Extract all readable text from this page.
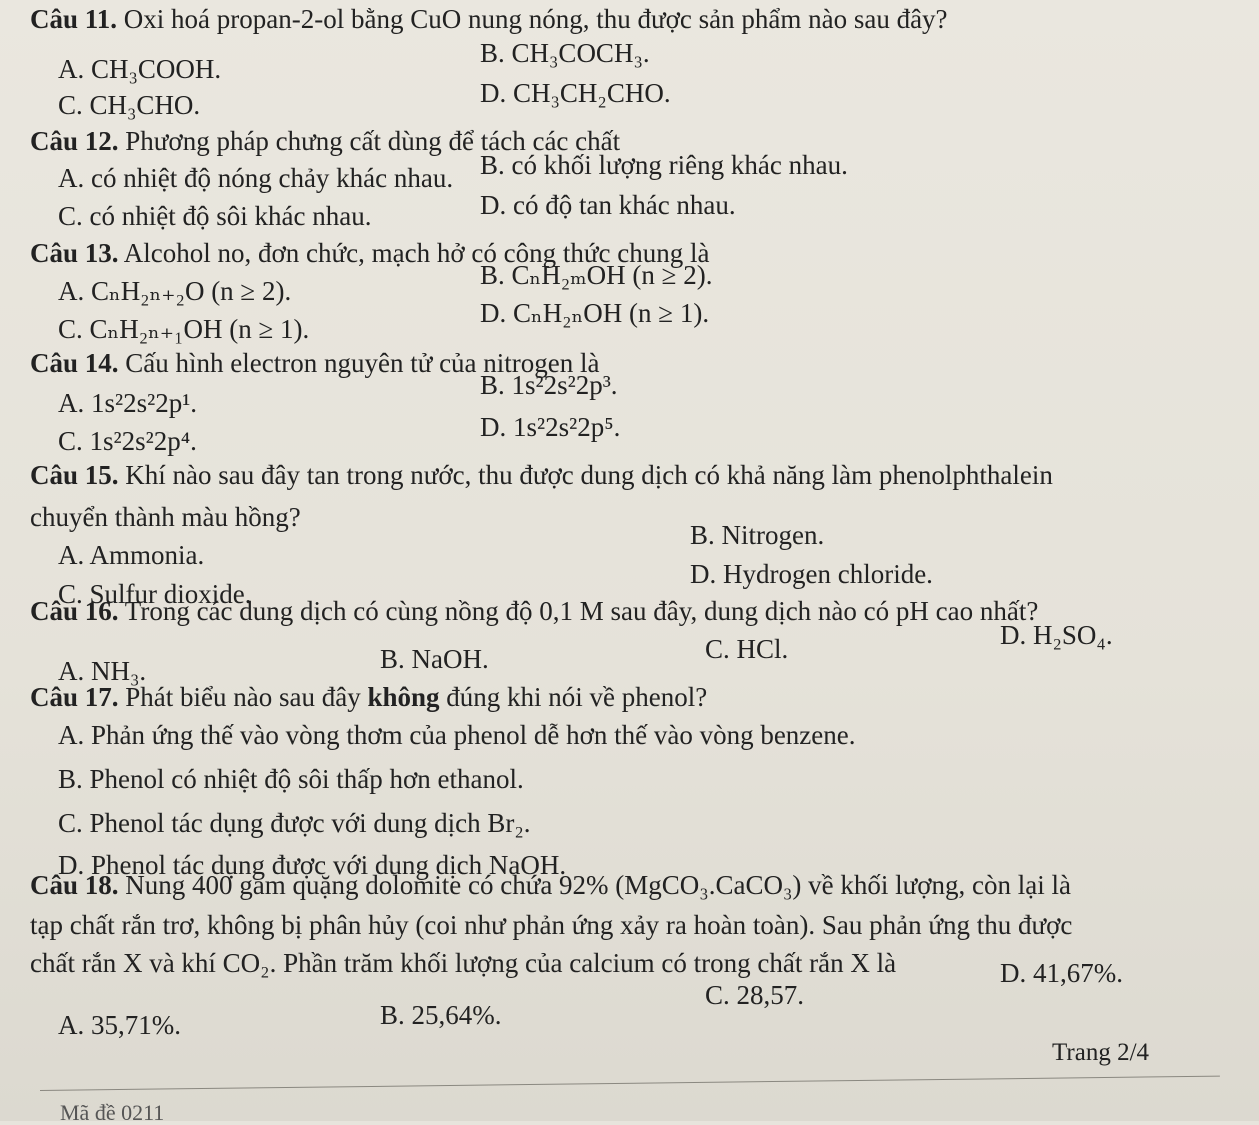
Câu 11. Oxi hoá propan-2-ol bằng CuO nung nóng, thu được sản phẩm nào sau đây?
A. CH₃COOH.
B. CH₃COCH₃.
C. CH₃CHO.	D. CH₃CH₂CHO.
Câu 12. Phương pháp chưng cất dùng để tách các chất
A. có nhiệt độ nóng chảy khác nhau. B. có khối lượng riêng khác nhau.
C. có nhiệt độ sôi khác nhau.	D. có độ tan khác nhau.
Câu 13. Alcohol no, đơn chức, mạch hở có công thức chung là
A. CₙH₂ₙ₊₂O (n ≥ 2).
B. CₙH₂ₘOH (n ≥ 2).
C. CₙH₂ₙ₊₁OH (n ≥ 1).
D. CₙH₂ₙOH (n ≥ 1).
Câu 14. Cấu hình electron nguyên tử của nitrogen là
A. 1s²2s²2p¹.
B. 1s²2s²2p³.
C. 1s²2s²2p⁴.	D. 1s²2s²2p⁵.
Câu 15. Khí nào sau đây tan trong nước, thu được dung dịch có khả năng làm phenolphthalein
chuyển thành màu hồng?
A. Ammonia.
B. Nitrogen.
C. Sulfur dioxide.
D. Hydrogen chloride.
Câu 16. Trong các dung dịch có cùng nồng độ 0,1 M sau đây, dung dịch nào có pH cao nhất?
A. NH₃.	B. NaOH.	C. HCl.	D. H₂SO₄.
Câu 17. Phát biểu nào sau đây không đúng khi nói về phenol?
A. Phản ứng thế vào vòng thơm của phenol dễ hơn thế vào vòng benzene.
B. Phenol có nhiệt độ sôi thấp hơn ethanol.
C. Phenol tác dụng được với dung dịch Br₂.
D. Phenol tác dụng được với dung dịch NaOH.
Câu 18. Nung 400 gam quặng dolomite có chứa 92% (MgCO₃.CaCO₃) về khối lượng, còn lại là
tạp chất rắn trơ, không bị phân hủy (coi như phản ứng xảy ra hoàn toàn). Sau phản ứng thu được
chất rắn X và khí CO₂. Phần trăm khối lượng của calcium có trong chất rắn X là
A. 35,71%.	B. 25,64%.
C. 28,57.
D. 41,67%.
Trang 2/4
Mã đề 0211
